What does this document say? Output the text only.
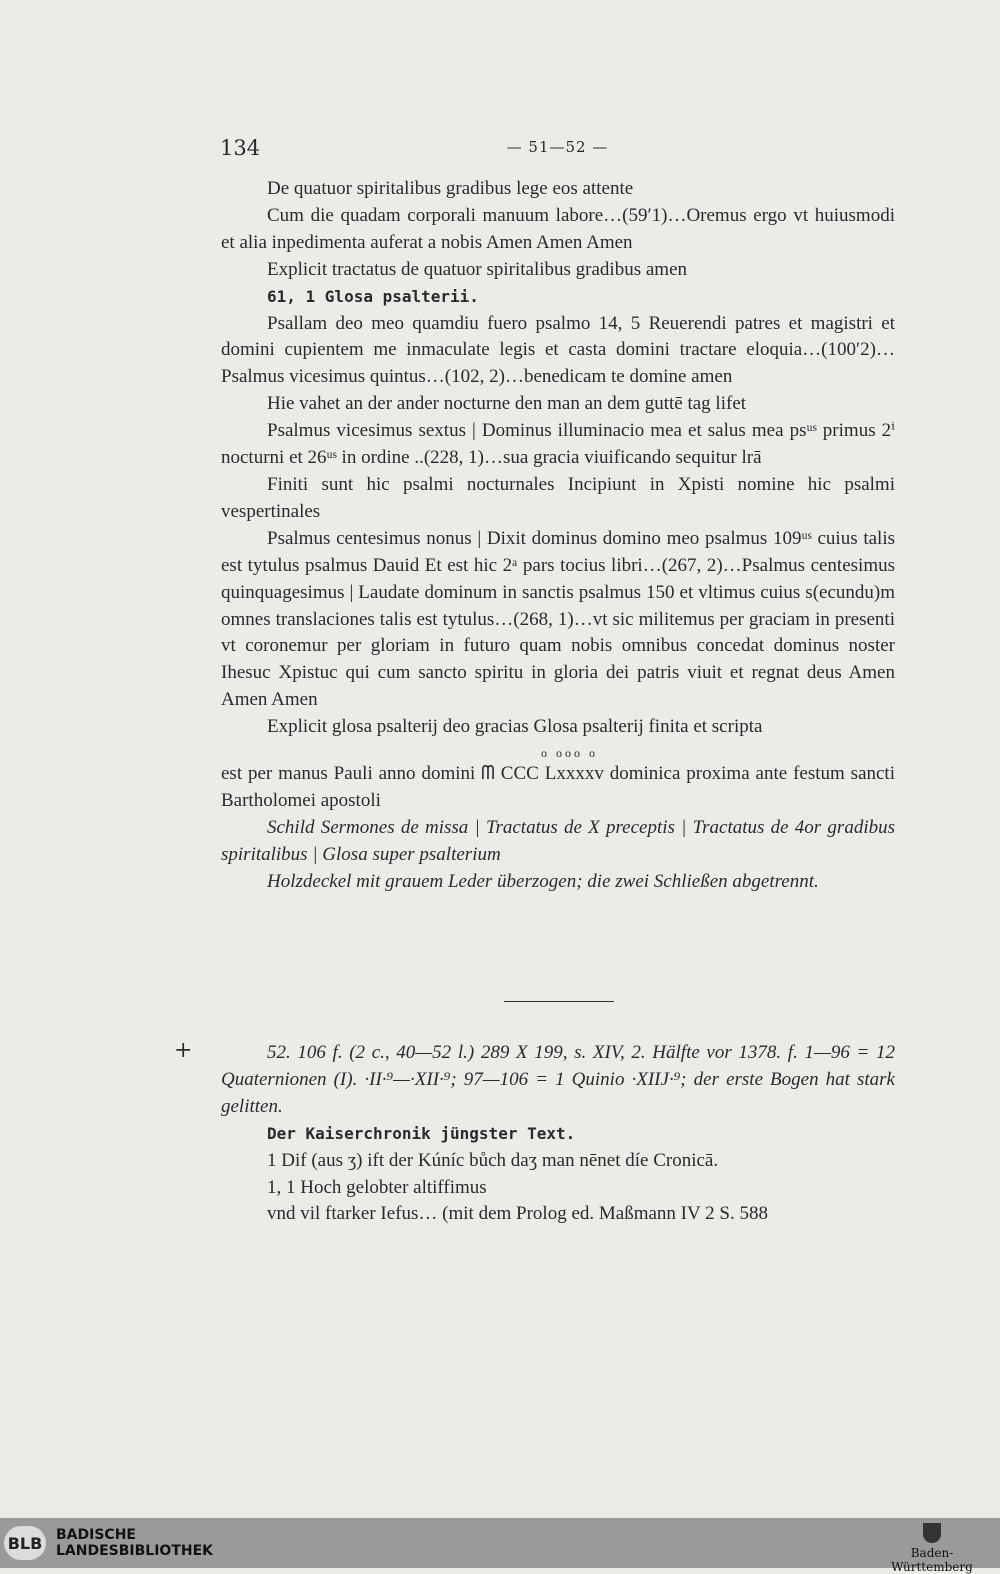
134	— 51—52 —

De quatuor spiritalibus gradibus lege eos attente

Cum die quadam corporali manuum labore…(59′1)…Oremus ergo vt huiusmodi et alia inpedimenta auferat a nobis Amen Amen Amen

Explicit tractatus de quatuor spiritalibus gradibus amen

61, 1 Glosa psalterii.

Psallam deo meo quamdiu fuero psalmo 14, 5 Reuerendi patres et magistri et domini cupientem me inmaculate legis et casta domini tractare eloquia…(100′2)…Psalmus vicesimus quintus…(102, 2)…benedicam te domine amen

Hie vahet an der ander nocturne den man an dem guttē tag lifet

Psalmus vicesimus sextus | Dominus illuminacio mea et salus mea psᵘˢ primus 2ⁱ nocturni et 26ᵘˢ in ordine ..(228, 1)…sua gracia viuificando sequitur lrā

Finiti sunt hic psalmi nocturnales Incipiunt in Xpisti nomine hic psalmi vespertinales

Psalmus centesimus nonus | Dixit dominus domino meo psalmus 109ᵘˢ cuius talis est tytulus psalmus Dauid Et est hic 2ᵃ pars tocius libri…(267, 2)…Psalmus centesimus quinquagesimus | Laudate dominum in sanctis psalmus 150 et vltimus cuius s(ecundu)m omnes translaciones talis est tytulus…(268, 1)…vt sic militemus per graciam in presenti vt coronemur per gloriam in futuro quam nobis omnibus concedat dominus noster Ihesuc Xpistuc qui cum sancto spiritu in gloria dei patris viuit et regnat deus Amen Amen Amen

Explicit glosa psalterij deo gracias Glosa psalterij finita et scripta

o ooo o

est per manus Pauli anno domini ᗰ CCC Lxxxxv dominica proxima ante festum sancti Bartholomei apostoli

Schild Sermones de missa | Tractatus de X preceptis | Tractatus de 4or gradibus spiritalibus | Glosa super psalterium

Holzdeckel mit grauem Leder überzogen; die zwei Schließen abgetrennt.

+	52. 106 f. (2 c., 40—52 l.) 289 X 199, s. XIV, 2. Hälfte vor 1378. f. 1—96 = 12 Quaternionen (I). ·II·⁹—·XII·⁹; 97—106 = 1 Quinio ·XIIJ·⁹; der erste Bogen hat stark gelitten.

Der Kaiserchronik jüngster Text.

1 Dif (aus ʒ) ift der Kúníc bůch daʒ man nēnet díe Cronicā.

1, 1 Hoch gelobter altiffimus

vnd vil ftarker Iefus… (mit dem Prolog ed. Maßmann IV 2 S. 588

BLB BADISCHE
LANDESBIBLIOTHEK	Baden-Württemberg
